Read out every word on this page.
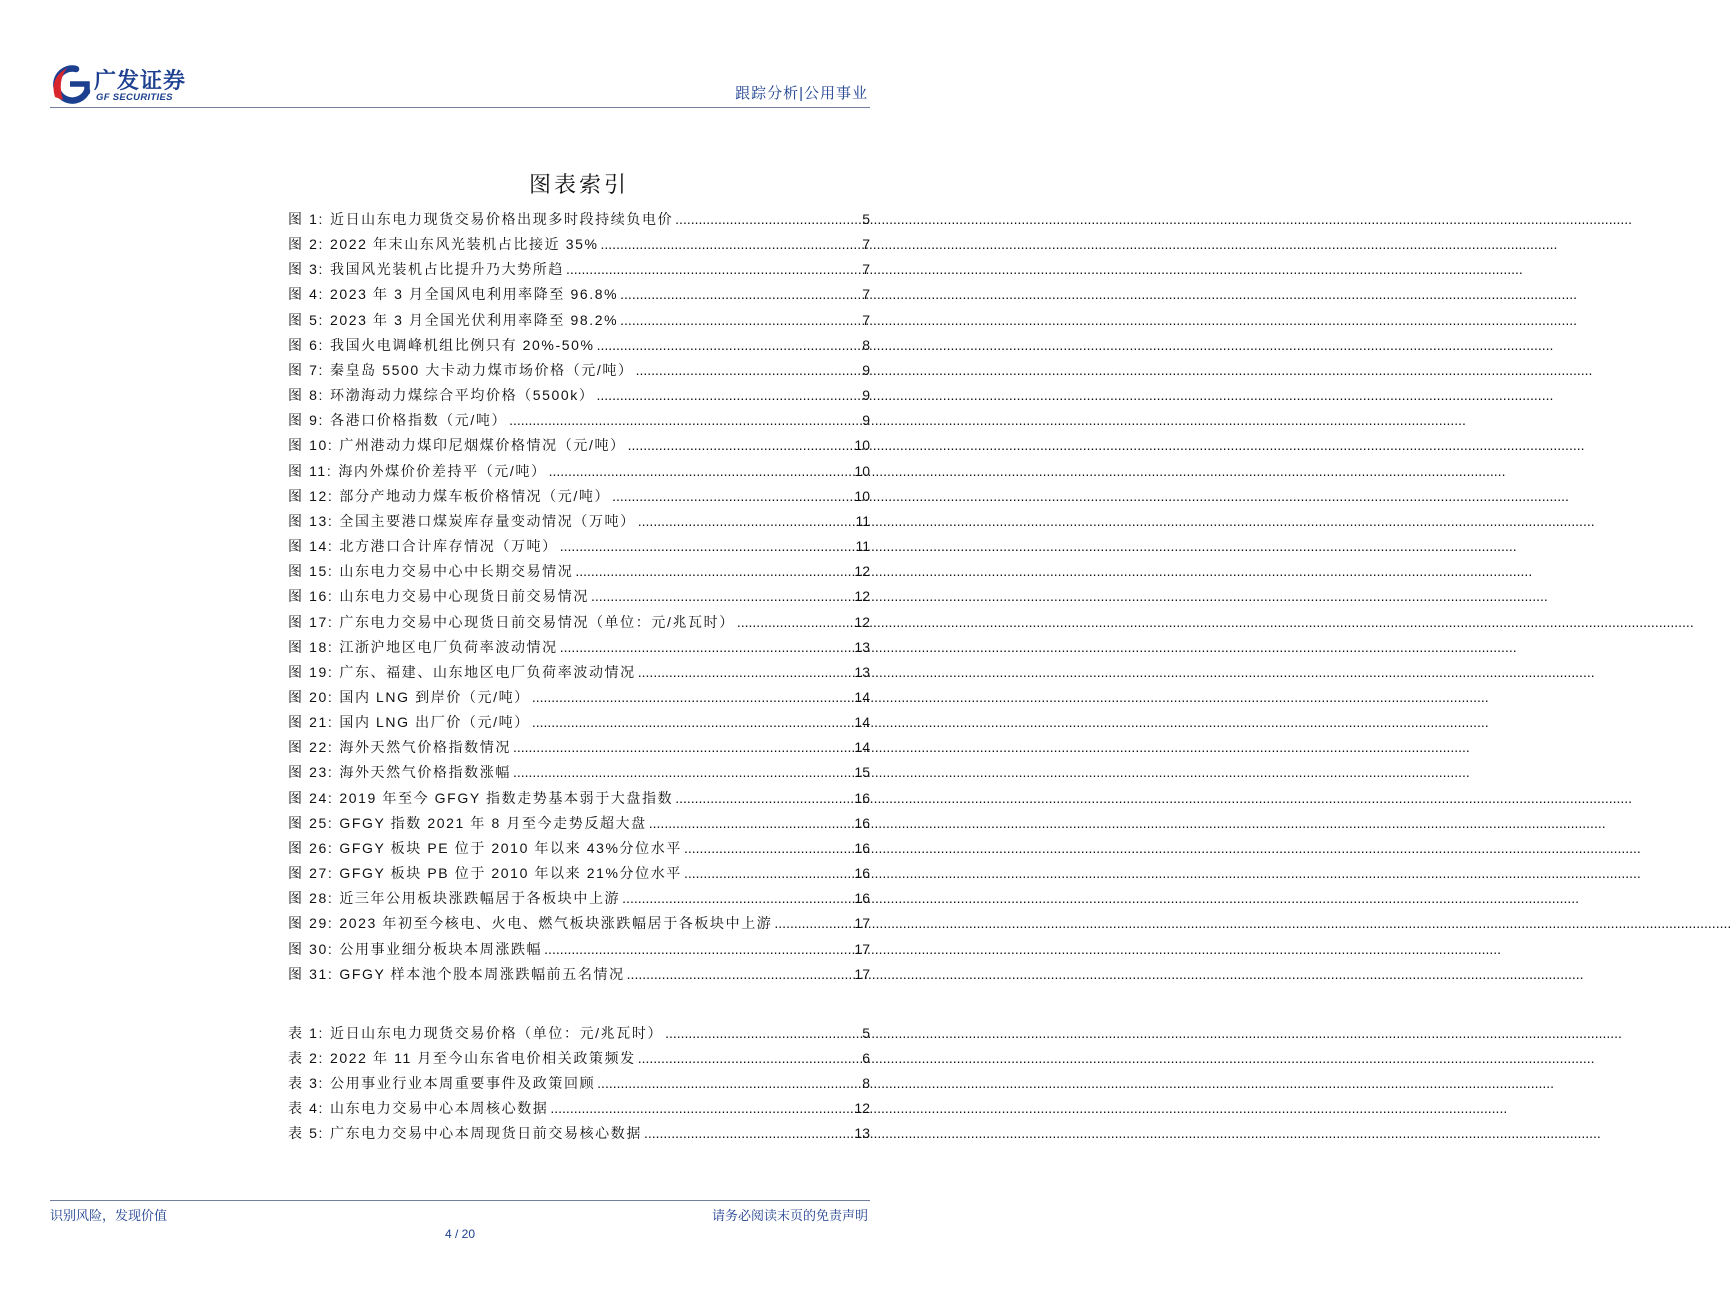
广发证券
GF SECURITIES	跟踪分析|公用事业
图表索引
图 1: 近日山东电力现货交易价格出现多时段持续负电价 .....	5
图 2: 2022 年末山东风光装机占比接近 35% .....	7
图 3: 我国风光装机占比提升乃大势所趋 .....	7
图 4: 2023 年 3 月全国风电利用率降至 96.8% .....	7
图 5: 2023 年 3 月全国光伏利用率降至 98.2% .....	7
图 6: 我国火电调峰机组比例只有 20%-50% .....	8
图 7: 秦皇岛 5500 大卡动力煤市场价格（元/吨） .....	9
图 8: 环渤海动力煤综合平均价格（5500k） .....	9
图 9: 各港口价格指数（元/吨） .....	9
图 10: 广州港动力煤印尼烟煤价格情况（元/吨） .....	10
图 11: 海内外煤价价差持平（元/吨） .....	10
图 12: 部分产地动力煤车板价格情况（元/吨） .....	10
图 13: 全国主要港口煤炭库存量变动情况（万吨） .....	11
图 14: 北方港口合计库存情况（万吨） .....	11
图 15: 山东电力交易中心中长期交易情况 .....	12
图 16: 山东电力交易中心现货日前交易情况 .....	12
图 17: 广东电力交易中心现货日前交易情况（单位：元/兆瓦时） .....	12
图 18: 江浙沪地区电厂负荷率波动情况 .....	13
图 19: 广东、福建、山东地区电厂负荷率波动情况 .....	13
图 20: 国内 LNG 到岸价（元/吨） .....	14
图 21: 国内 LNG 出厂价（元/吨） .....	14
图 22: 海外天然气价格指数情况 .....	14
图 23: 海外天然气价格指数涨幅 .....	15
图 24: 2019 年至今 GFGY 指数走势基本弱于大盘指数 .....	16
图 25: GFGY 指数 2021 年 8 月至今走势反超大盘 .....	16
图 26: GFGY 板块 PE 位于 2010 年以来 43%分位水平 .....	16
图 27: GFGY 板块 PB 位于 2010 年以来 21%分位水平 .....	16
图 28: 近三年公用板块涨跌幅居于各板块中上游 .....	16
图 29: 2023 年初至今核电、火电、燃气板块涨跌幅居于各板块中上游 .....	17
图 30: 公用事业细分板块本周涨跌幅 .....	17
图 31: GFGY 样本池个股本周涨跌幅前五名情况 .....	17
表 1: 近日山东电力现货交易价格（单位：元/兆瓦时） .....	5
表 2: 2022 年 11 月至今山东省电价相关政策频发 .....	6
表 3: 公用事业行业本周重要事件及政策回顾 .....	8
表 4: 山东电力交易中心本周核心数据 .....	12
表 5: 广东电力交易中心本周现货日前交易核心数据 .....	13
识别风险，发现价值	请务必阅读末页的免责声明
4 / 20
